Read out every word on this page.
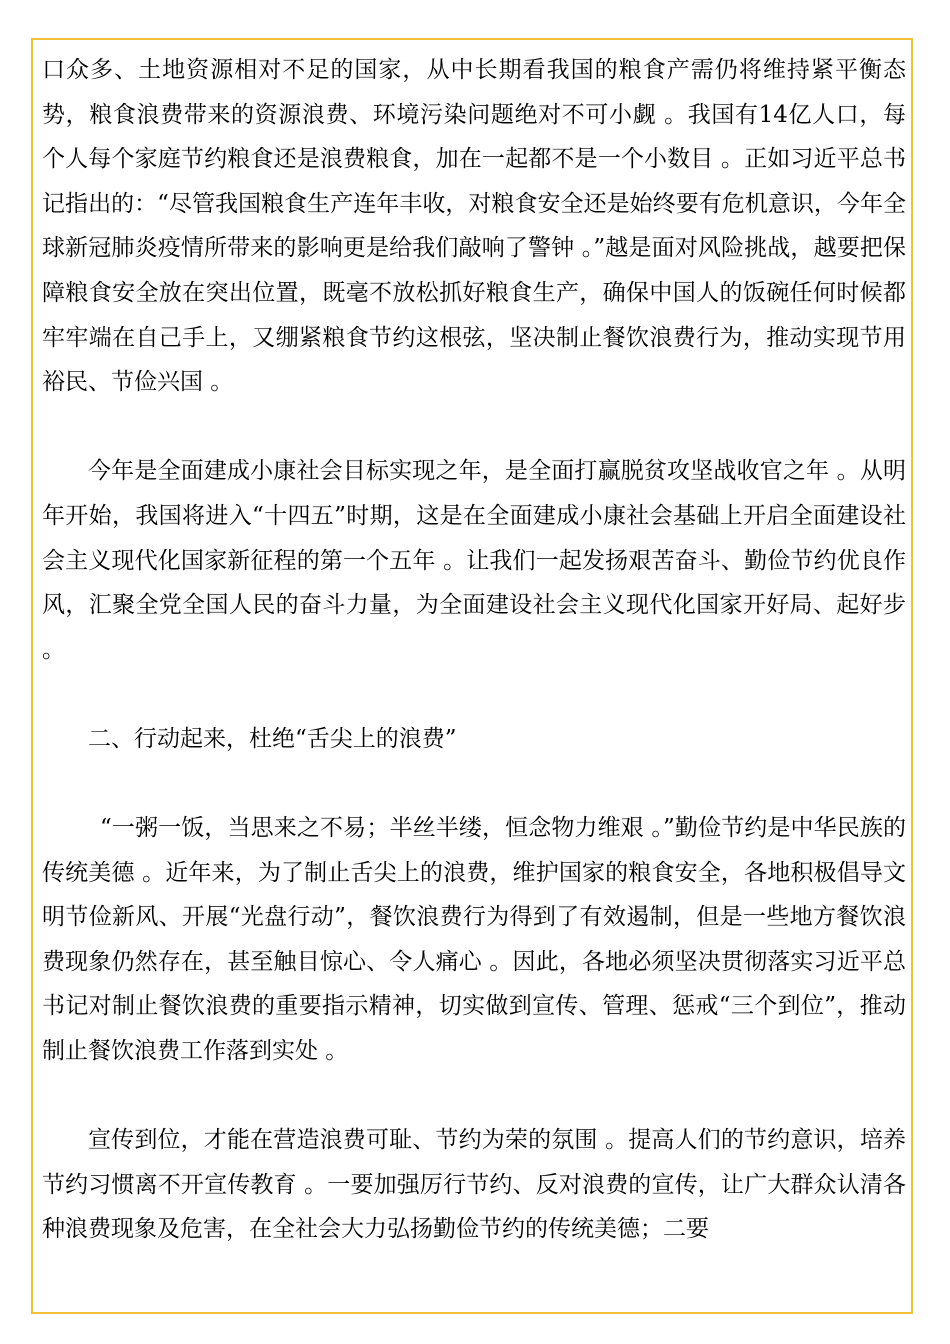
口众多、土地资源相对不足的国家，从中长期看我国的粮食产需仍将维持紧平衡态势，粮食浪费带来的资源浪费、环境污染问题绝对不可小觑 。我国有14亿人口，每个人每个家庭节约粮食还是浪费粮食，加在一起都不是一个小数目 。正如习近平总书记指出的：“尽管我国粮食生产连年丰收，对粮食安全还是始终要有危机意识，今年全球新冠肺炎疫情所带来的影响更是给我们敲响了警钟 。”越是面对风险挑战，越要把保障粮食安全放在突出位置，既毫不放松抓好粮食生产，确保中国人的饭碗任何时候都牢牢端在自己手上，又绷紧粮食节约这根弦，坚决制止餐饮浪费行为，推动实现节用裕民、节俭兴国 。

今年是全面建成小康社会目标实现之年，是全面打赢脱贫攻坚战收官之年 。从明年开始，我国将进入“十四五”时期，这是在全面建成小康社会基础上开启全面建设社会主义现代化国家新征程的第一个五年 。让我们一起发扬艰苦奋斗、勤俭节约优良作风，汇聚全党全国人民的奋斗力量，为全面建设社会主义现代化国家开好局、起好步 。

二、行动起来，杜绝“舌尖上的浪费”

“一粥一饭，当思来之不易；半丝半缕，恒念物力维艰 。”勤俭节约是中华民族的传统美德 。近年来，为了制止舌尖上的浪费，维护国家的粮食安全，各地积极倡导文明节俭新风、开展“光盘行动”，餐饮浪费行为得到了有效遏制，但是一些地方餐饮浪费现象仍然存在，甚至触目惊心、令人痛心 。因此，各地必须坚决贯彻落实习近平总书记对制止餐饮浪费的重要指示精神，切实做到宣传、管理、惩戒“三个到位”，推动制止餐饮浪费工作落到实处 。

宣传到位，才能在营造浪费可耻、节约为荣的氛围 。提高人们的节约意识，培养节约习惯离不开宣传教育 。一要加强厉行节约、反对浪费的宣传，让广大群众认清各种浪费现象及危害，在全社会大力弘扬勤俭节约的传统美德；二要
